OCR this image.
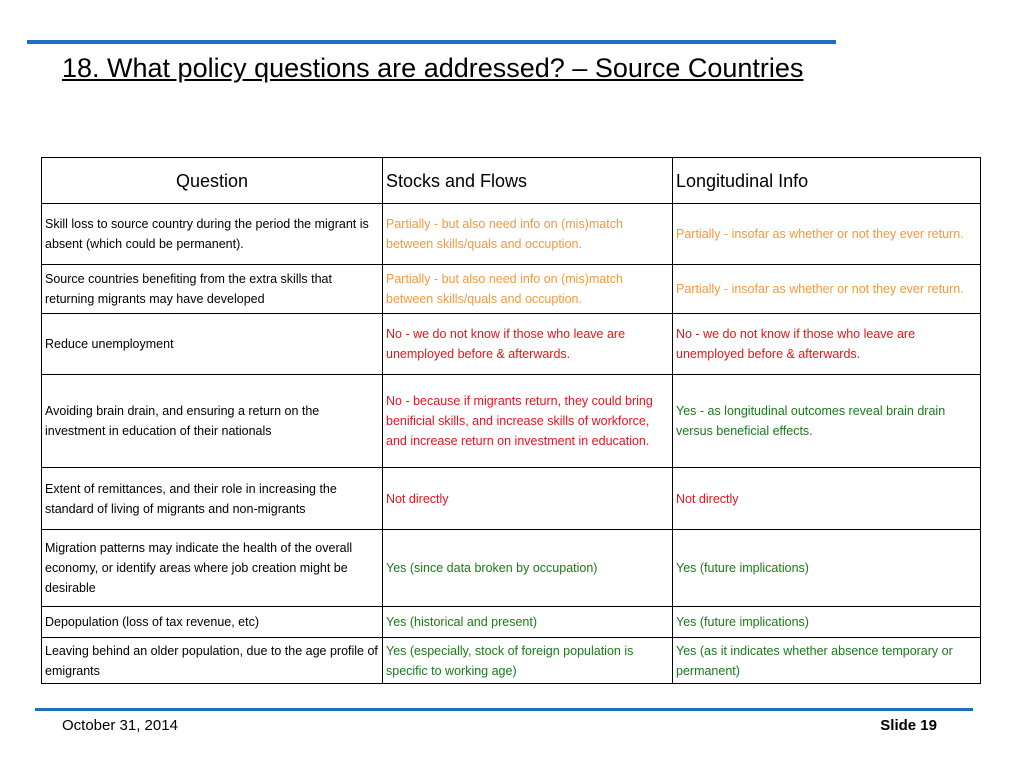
18. What policy questions are addressed? – Source Countries
Question	Stocks and Flows	Longitudinal Info
Skill loss to source country during the period the migrant is absent (which could be permanent).	Partially - but also need info on (mis)match between skills/quals and occuption.	Partially - insofar as whether or not they ever return.
Source countries benefiting from the extra skills that returning migrants may have developed	Partially - but also need info on (mis)match between skills/quals and occuption.	Partially - insofar as whether or not they ever return.
Reduce unemployment	No - we do not know if those who leave are unemployed before & afterwards.	No - we do not know if those who leave are unemployed before & afterwards.
Avoiding brain drain, and ensuring a return on the investment in education of their nationals	No - because if migrants return, they could bring benificial skills, and increase skills of workforce, and increase return on investment in education.	Yes - as longitudinal outcomes reveal brain drain versus beneficial effects.
Extent of remittances, and their role in increasing the standard of living of migrants and non-migrants	Not directly	Not directly
Migration patterns may indicate the health of the overall economy, or identify areas where job creation might be desirable	Yes (since data broken by occupation)	Yes (future implications)
Depopulation (loss of tax revenue, etc)	Yes (historical and present)	Yes (future implications)
Leaving behind an older population, due to the age profile of emigrants	Yes (especially, stock of foreign population is specific to working age)	Yes (as it indicates whether absence temporary or permanent)
October 31, 2014	Slide 19
